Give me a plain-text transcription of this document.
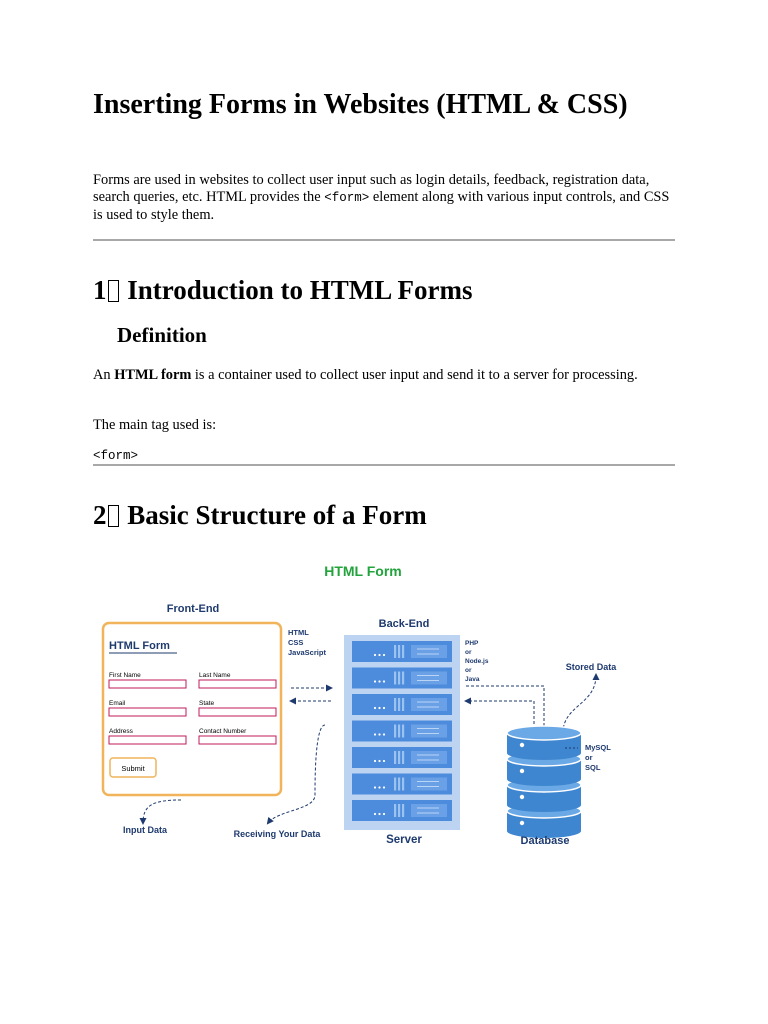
Inserting Forms in Websites (HTML & CSS)

Forms are used in websites to collect user input such as login details, feedback, registration data, search queries, etc. HTML provides the <form> element along with various input controls, and CSS is used to style them.

1 Introduction to HTML Forms
Definition

An HTML form is a container used to collect user input and send it to a server for processing.

The main tag used is:

<form>

2 Basic Structure of a Form
HTML Form
Front-End
HTML Form
First Name	Last Name
Email	State
Address	Contact Number
Submit
HTML
CSS
JavaScript
Back-End
Server
PHP
or
Node.js
or
Java
Stored Data
Database
MySQL
or
SQL
Input Data	Receiving Your Data
